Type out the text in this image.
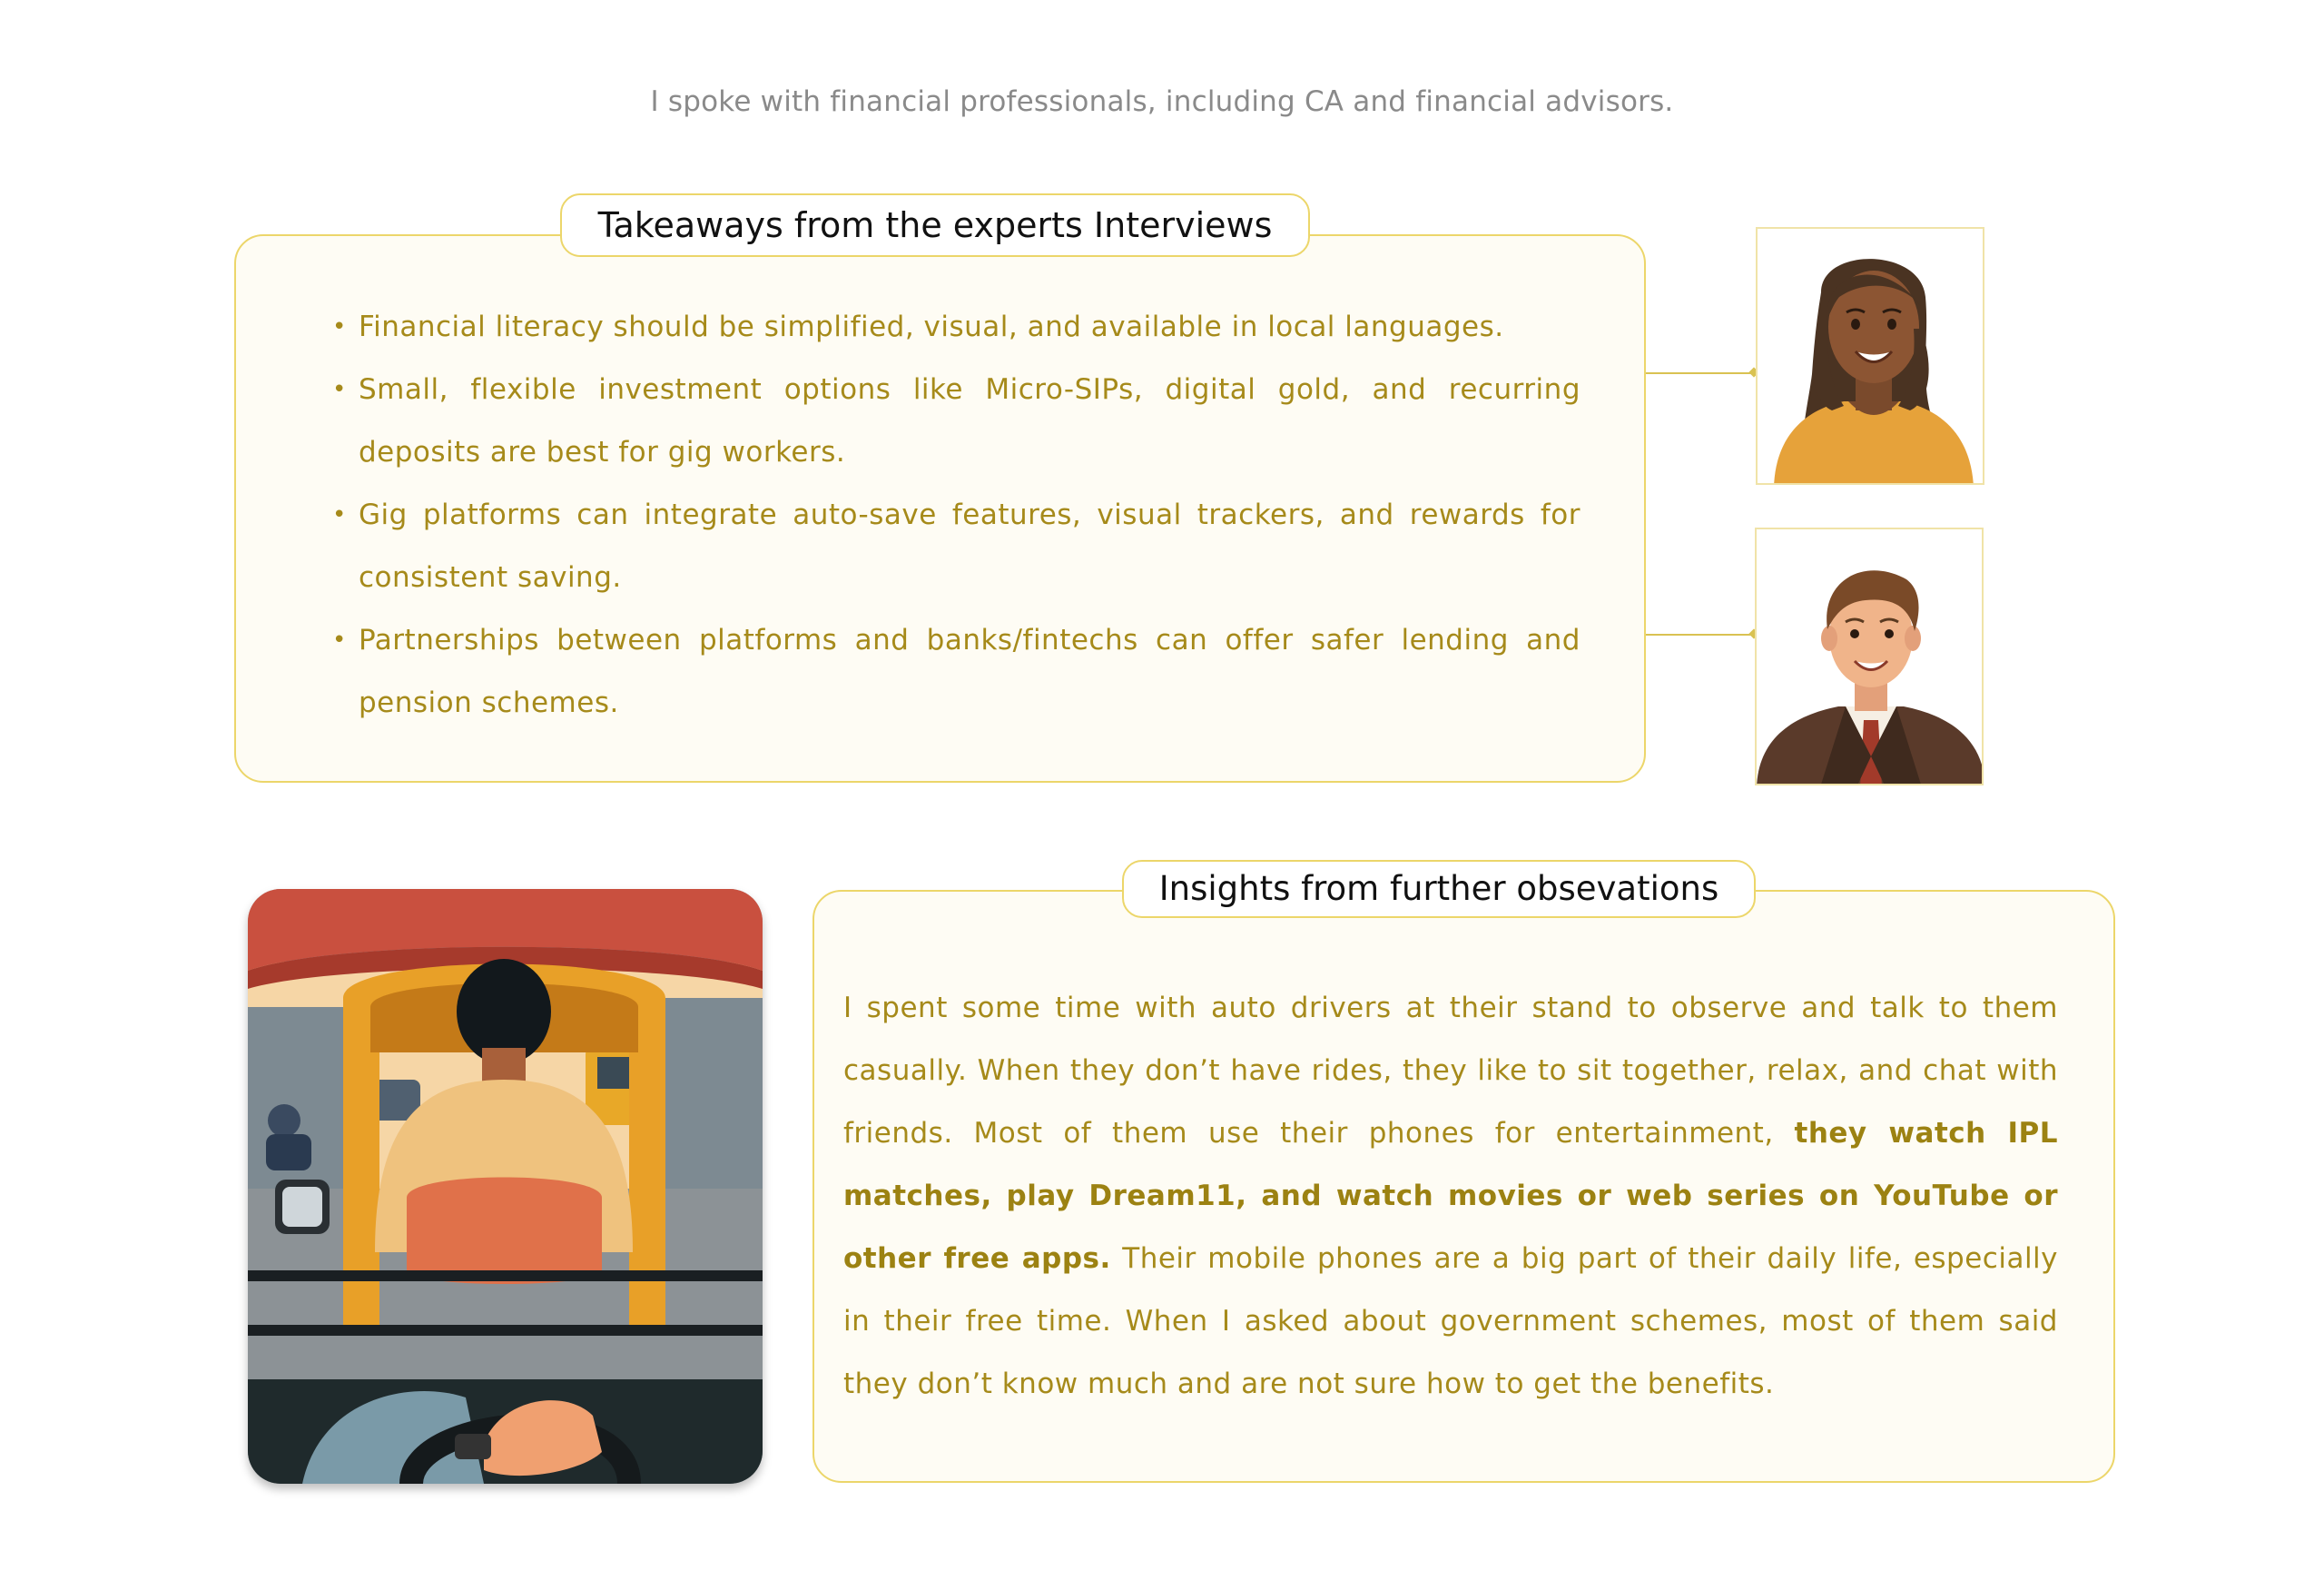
I spoke with financial professionals, including CA and financial advisors.
• Financial literacy should be simplified, visual, and available in local languages.
• Small, flexible investment options like Micro-SIPs, digital gold, and recurring deposits are best for gig workers.
• Gig platforms can integrate auto-save features, visual trackers, and rewards for consistent saving.
• Partnerships between platforms and banks/fintechs can offer safer lending and pension schemes.
Takeaways from the experts Interviews

I spent some time with auto drivers at their stand to observe and talk to them casually. When they don’t have rides, they like to sit together, relax, and chat with friends. Most of them use their phones for entertainment, they watch IPL matches, play Dream11, and watch movies or web series on YouTube or other free apps. Their mobile phones are a big part of their daily life, especially in their free time. When I asked about government schemes, most of them said they don’t know much and are not sure how to get the benefits.

Insights from further obsevations
